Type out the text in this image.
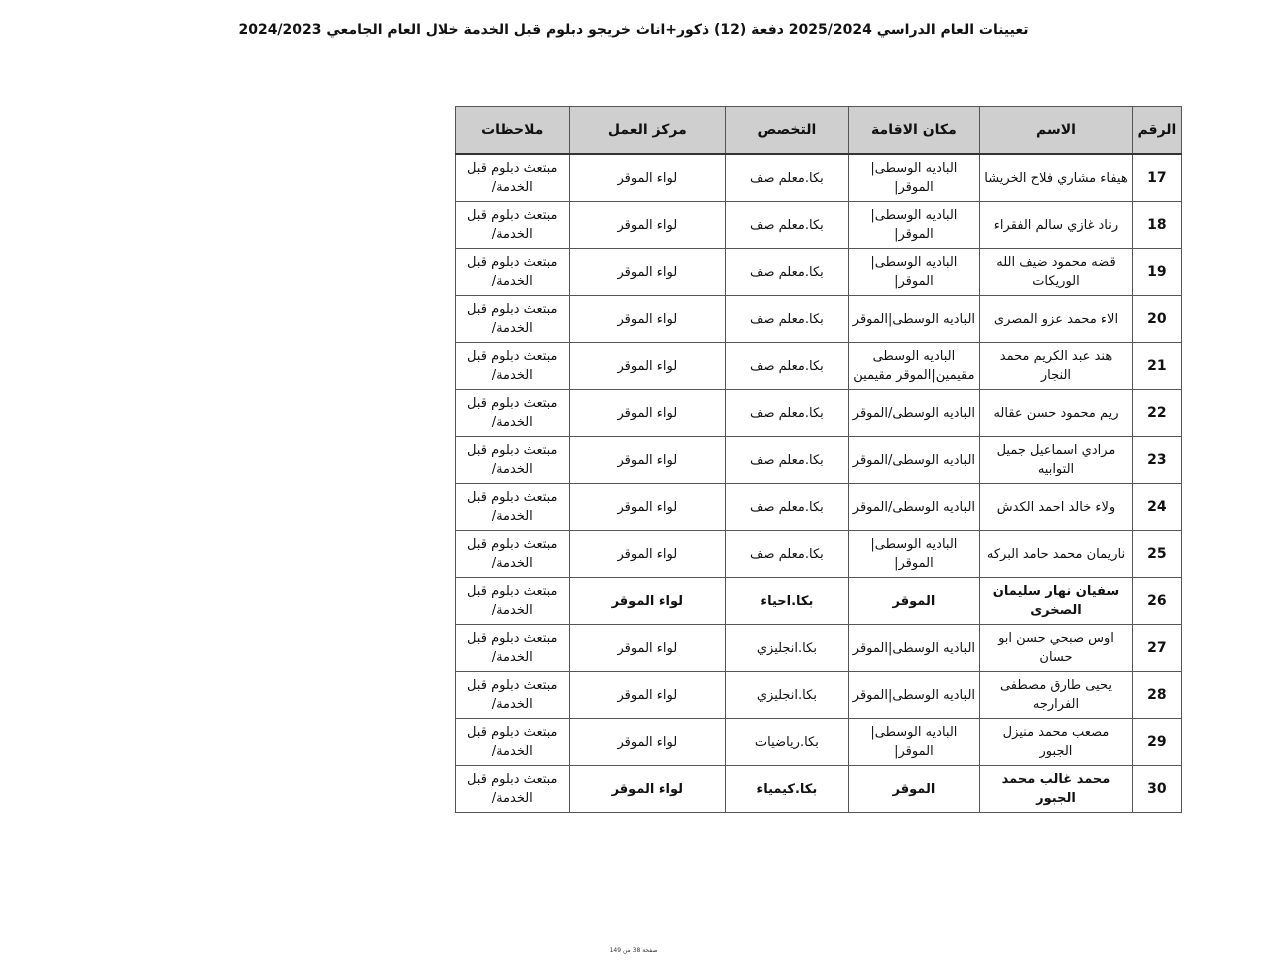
تعيينات العام الدراسي 2025/2024 دفعة (12) ذكور+اناث خريجو دبلوم قبل الخدمة خلال العام الجامعي 2024/2023
الرقم	الاسم	مكان الاقامة	التخصص	مركز العمل	ملاحظات
17	هيفاء مشاري فلاح الخريشا	الباديه الوسطى|الموقر|	بكا.معلم صف	لواء الموقر	مبتعث دبلوم قبل الخدمة/
18	رناد غازي سالم الفقراء	الباديه الوسطى|الموقر|	بكا.معلم صف	لواء الموقر	مبتعث دبلوم قبل الخدمة/
19	قضه محمود ضيف الله الوريكات	الباديه الوسطى|الموقر|	بكا.معلم صف	لواء الموقر	مبتعث دبلوم قبل الخدمة/
20	الاء محمد عزو المصرى	الباديه الوسطى|الموقر	بكا.معلم صف	لواء الموقر	مبتعث دبلوم قبل الخدمة/
21	هند عبد الكريم محمد النجار	الباديه الوسطى مقيمين|الموقر مقيمين	بكا.معلم صف	لواء الموقر	مبتعث دبلوم قبل الخدمة/
22	ريم محمود حسن عقاله	الباديه الوسطى/الموقر	بكا.معلم صف	لواء الموقر	مبتعث دبلوم قبل الخدمة/
23	مرادي اسماعيل جميل التوابيه	الباديه الوسطى/الموقر	بكا.معلم صف	لواء الموقر	مبتعث دبلوم قبل الخدمة/
24	ولاء خالد احمد الكدش	الباديه الوسطى/الموقر	بكا.معلم صف	لواء الموقر	مبتعث دبلوم قبل الخدمة/
25	ناريمان محمد حامد البركه	الباديه الوسطى|الموقر|	بكا.معلم صف	لواء الموقر	مبتعث دبلوم قبل الخدمة/
26	سفيان نهار سليمان الصخرى	الموقر	بكا.احياء	لواء الموقر	مبتعث دبلوم قبل الخدمة/
27	اوس صبحي حسن ابو حسان	الباديه الوسطى|الموقر	بكا.انجليزي	لواء الموقر	مبتعث دبلوم قبل الخدمة/
28	يحيى طارق مصطفى الفرارجه	الباديه الوسطى|الموقر	بكا.انجليزي	لواء الموقر	مبتعث دبلوم قبل الخدمة/
29	مصعب محمد منيزل الجبور	الباديه الوسطى|الموقر|	بكا.رياضيات	لواء الموقر	مبتعث دبلوم قبل الخدمة/
30	محمد غالب محمد الجبور	الموقر	بكا.كيمياء	لواء الموقر	مبتعث دبلوم قبل الخدمة/
صفحة 38 من 149
